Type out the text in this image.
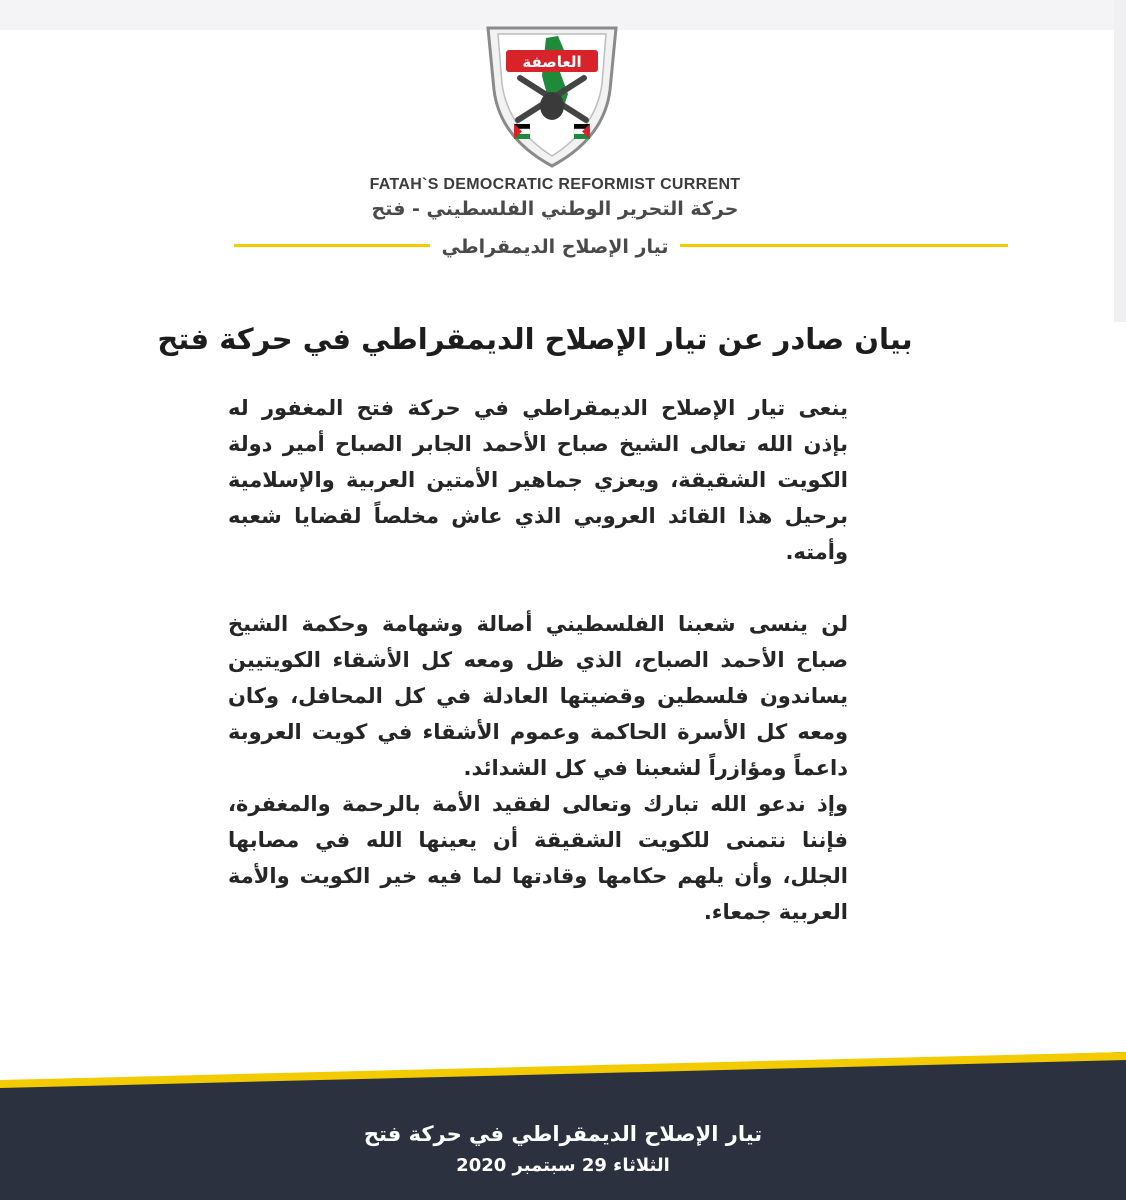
العاصفة
FATAH`S DEMOCRATIC REFORMIST CURRENT
حركة التحرير الوطني الفلسطيني - فتح
تيار الإصلاح الديمقراطي
بيان صادر عن تيار الإصلاح الديمقراطي في حركة فتح

ينعى تيار الإصلاح الديمقراطي في حركة فتح المغفور له بإذن الله تعالى الشيخ صباح الأحمد الجابر الصباح أمير دولة الكويت الشقيقة، ويعزي جماهير الأمتين العربية والإسلامية برحيل هذا القائد العروبي الذي عاش مخلصاً لقضايا شعبه وأمته.

لن ينسى شعبنا الفلسطيني أصالة وشهامة وحكمة الشيخ صباح الأحمد الصباح، الذي ظل ومعه كل الأشقاء الكويتيين يساندون فلسطين وقضيتها العادلة في كل المحافل، وكان ومعه كل الأسرة الحاكمة وعموم الأشقاء في كويت العروبة داعماً ومؤازراً لشعبنا في كل الشدائد.

وإذ ندعو الله تبارك وتعالى لفقيد الأمة بالرحمة والمغفرة، فإننا نتمنى للكويت الشقيقة أن يعينها الله في مصابها الجلل، وأن يلهم حكامها وقادتها لما فيه خير الكويت والأمة العربية جمعاء.

تيار الإصلاح الديمقراطي في حركة فتح
الثلاثاء 29 سبتمبر 2020
